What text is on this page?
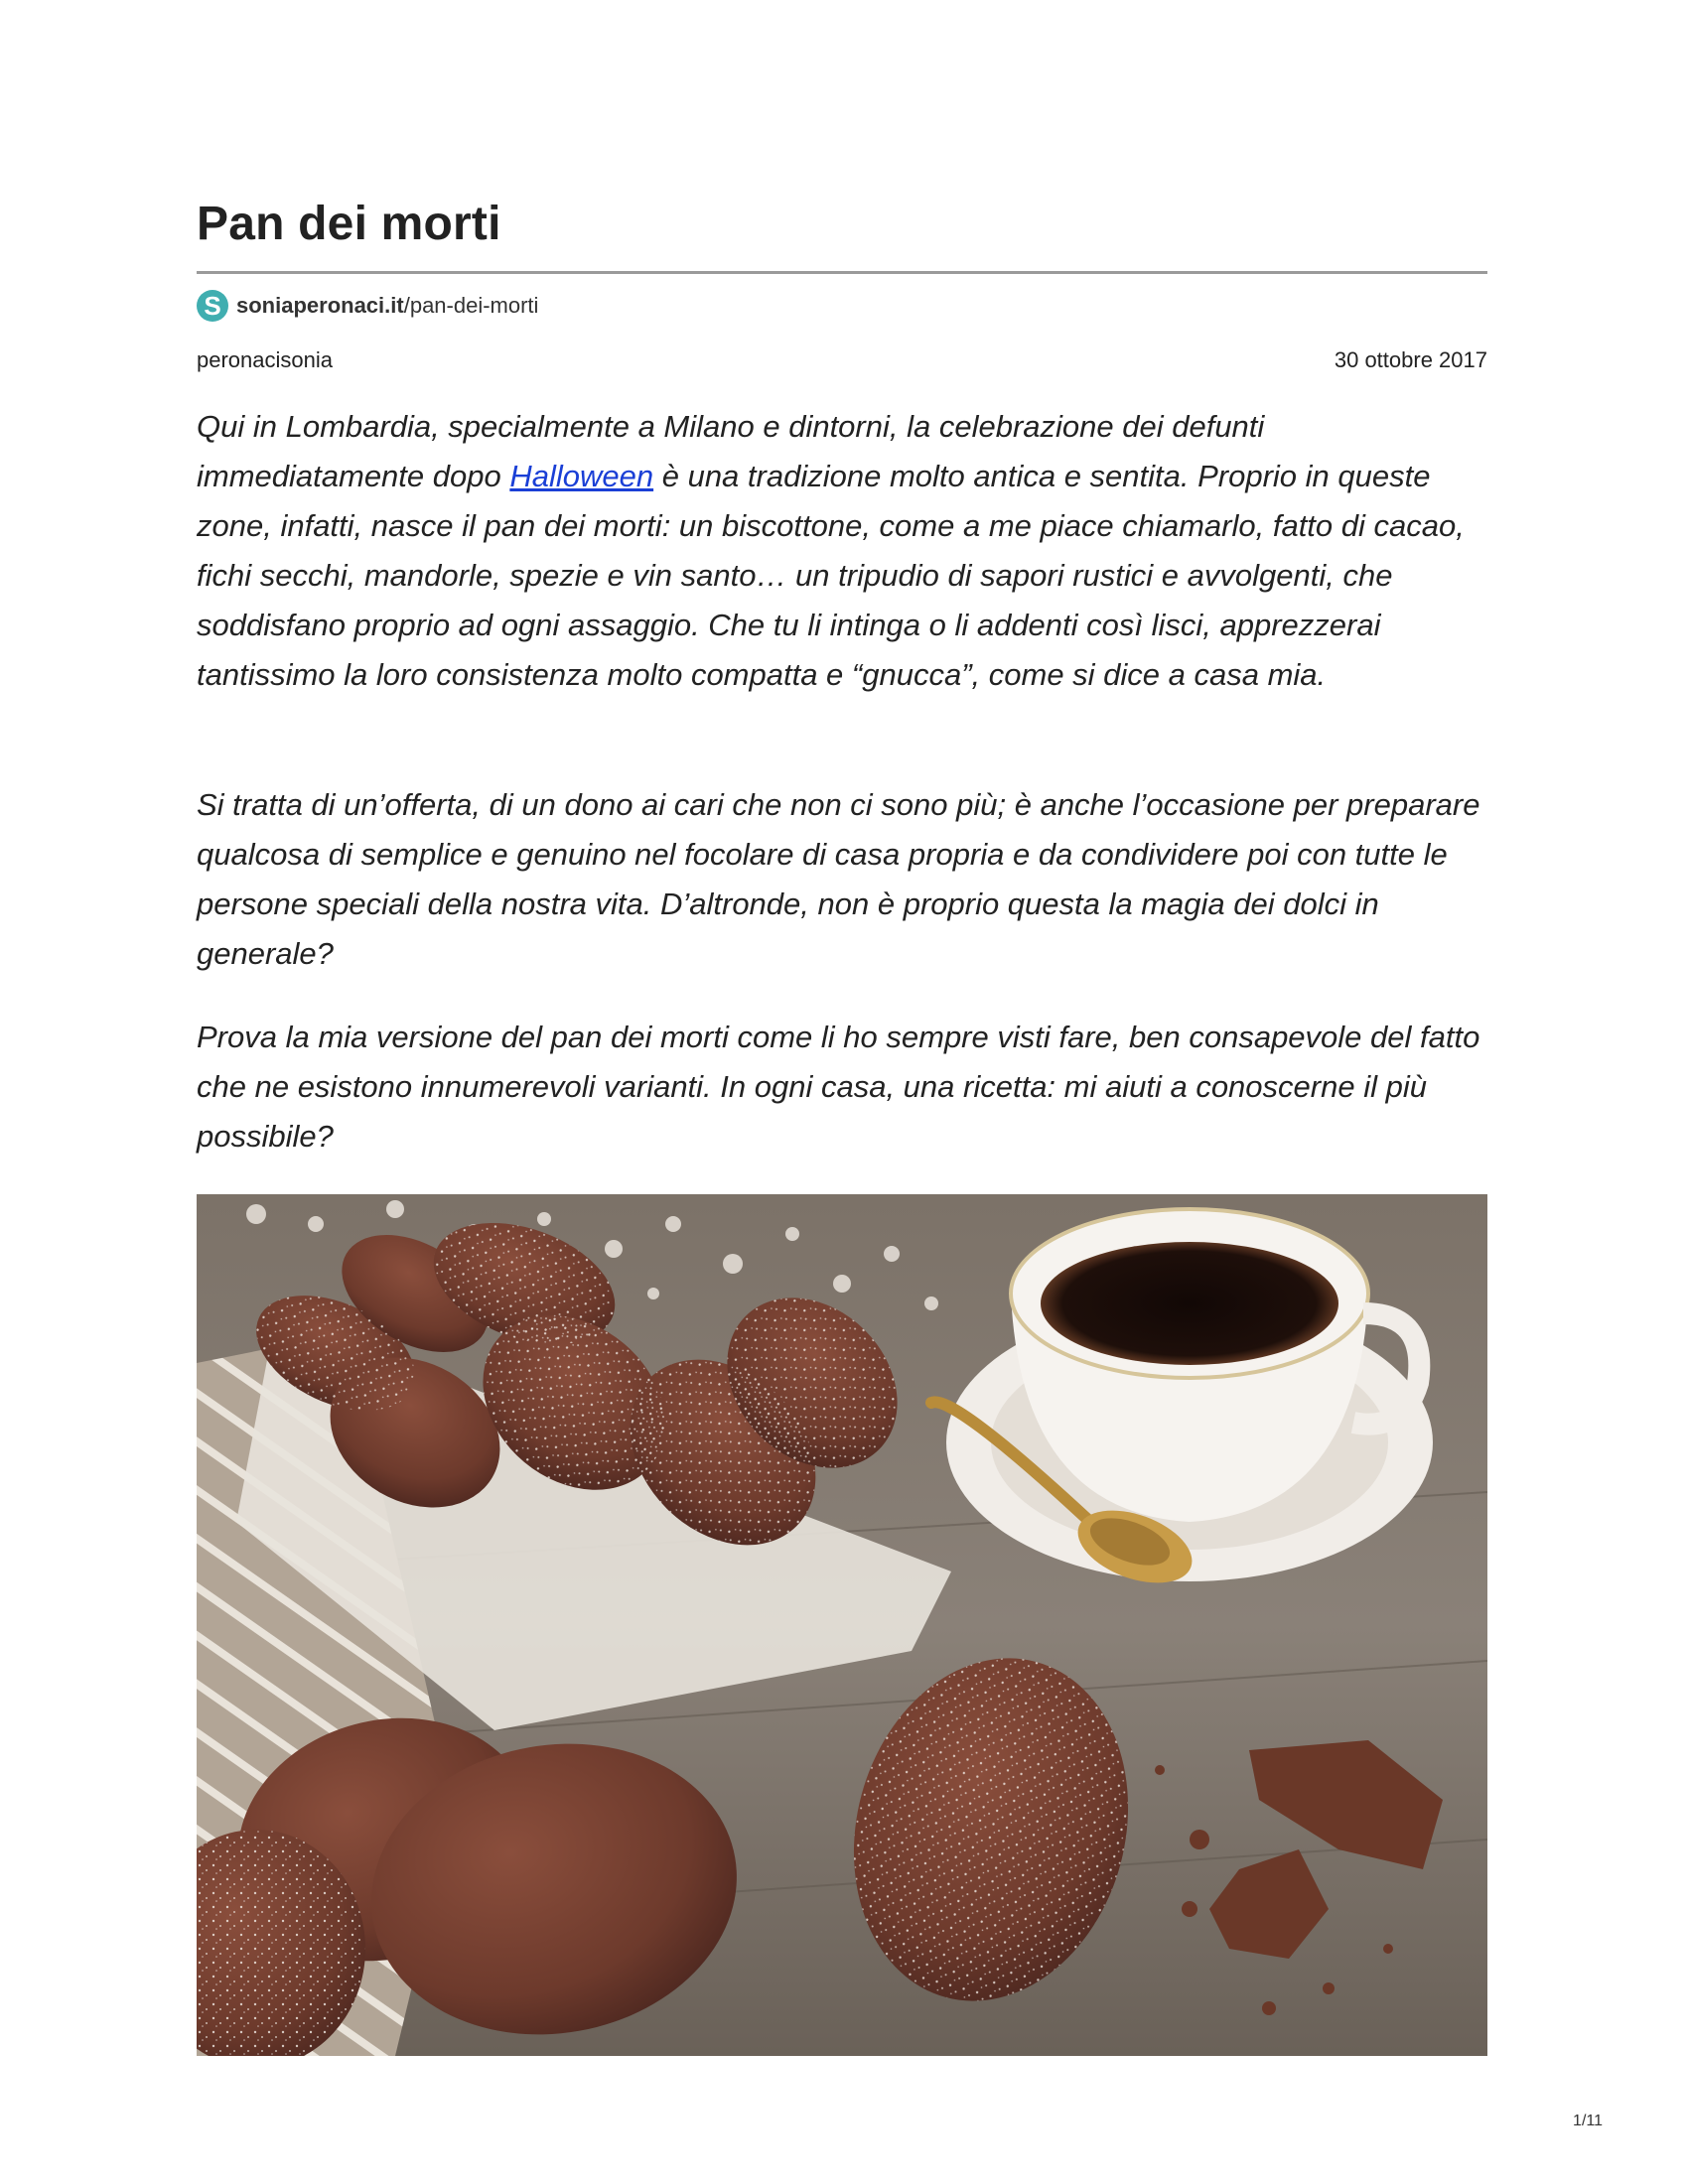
Pan dei morti
S soniaperonaci.it /pan-dei-morti
peronacisonia	30 ottobre 2017

Qui in Lombardia, specialmente a Milano e dintorni, la celebrazione dei defunti immediatamente dopo Halloween è una tradizione molto antica e sentita. Proprio in queste zone, infatti, nasce il pan dei morti: un biscottone, come a me piace chiamarlo, fatto di cacao, fichi secchi, mandorle, spezie e vin santo… un tripudio di sapori rustici e avvolgenti, che soddisfano proprio ad ogni assaggio. Che tu li intinga o li addenti così lisci, apprezzerai tantissimo la loro consistenza molto compatta e “gnucca”, come si dice a casa mia.

Si tratta di un’offerta, di un dono ai cari che non ci sono più; è anche l’occasione per preparare qualcosa di semplice e genuino nel focolare di casa propria e da condividere poi con tutte le persone speciali della nostra vita. D’altronde, non è proprio questa la magia dei dolci in generale?

Prova la mia versione del pan dei morti come li ho sempre visti fare, ben consapevole del fatto che ne esistono innumerevoli varianti. In ogni casa, una ricetta: mi aiuti a conoscerne il più possibile?

1/11
